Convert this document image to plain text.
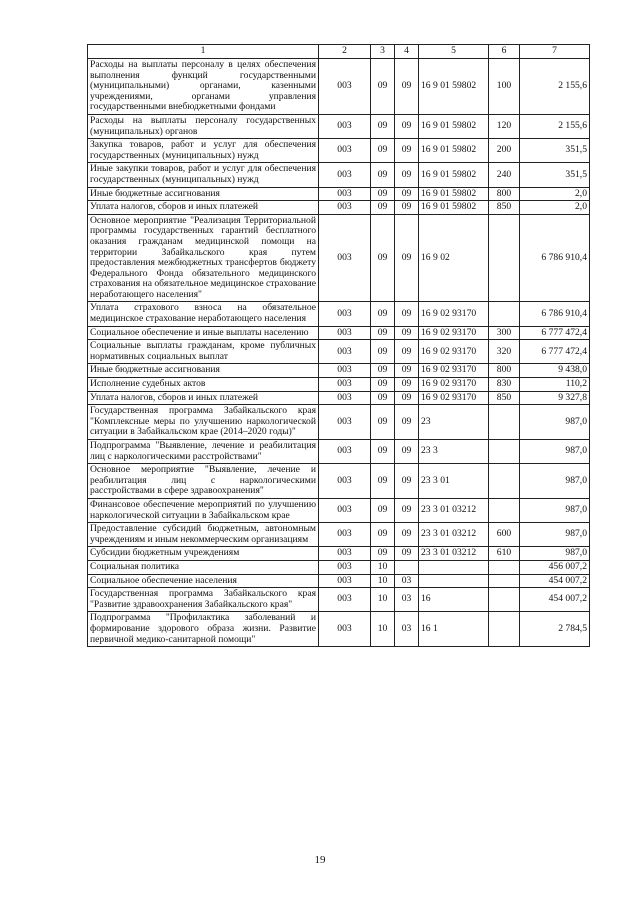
1	2	3	4	5	6	7
Расходы на выплаты персоналу в целях обеспечения выполнения функций государственными (муниципальными) органами, казенными учреждениями, органами управления государственными внебюджетными фондами	003	09	09	16 9 01 59802	100	2 155,6
Расходы на выплаты персоналу государственных (муниципальных) органов	003	09	09	16 9 01 59802	120	2 155,6
Закупка товаров, работ и услуг для обеспечения государственных (муниципальных) нужд	003	09	09	16 9 01 59802	200	351,5
Иные закупки товаров, работ и услуг для обеспечения государственных (муниципальных) нужд	003	09	09	16 9 01 59802	240	351,5
Иные бюджетные ассигнования	003	09	09	16 9 01 59802	800	2,0
Уплата налогов, сборов и иных платежей	003	09	09	16 9 01 59802	850	2,0
Основное мероприятие "Реализация Территориальной программы государственных гарантий бесплатного оказания гражданам медицинской помощи на территории Забайкальского края путем предоставления межбюджетных трансфертов бюджету Федерального Фонда обязательного медицинского страхования на обязательное медицинское страхование неработающего населения"	003	09	09	16 9 02		6 786 910,4
Уплата страхового взноса на обязательное медицинское страхование неработающего населения	003	09	09	16 9 02 93170		6 786 910,4
Социальное обеспечение и иные выплаты населению	003	09	09	16 9 02 93170	300	6 777 472,4
Социальные выплаты гражданам, кроме публичных нормативных социальных выплат	003	09	09	16 9 02 93170	320	6 777 472,4
Иные бюджетные ассигнования	003	09	09	16 9 02 93170	800	9 438,0
Исполнение судебных актов	003	09	09	16 9 02 93170	830	110,2
Уплата налогов, сборов и иных платежей	003	09	09	16 9 02 93170	850	9 327,8
Государственная программа Забайкальского края "Комплексные меры по улучшению наркологической ситуации в Забайкальском крае (2014–2020 годы)"	003	09	09	23		987,0
Подпрограмма "Выявление, лечение и реабилитация лиц с наркологическими расстройствами"	003	09	09	23 3		987,0
Основное мероприятие "Выявление, лечение и реабилитация лиц с наркологическими расстройствами в сфере здравоохранения"	003	09	09	23 3 01		987,0
Финансовое обеспечение мероприятий по улучшению наркологической ситуации в Забайкальском крае	003	09	09	23 3 01 03212		987,0
Предоставление субсидий бюджетным, автономным учреждениям и иным некоммерческим организациям	003	09	09	23 3 01 03212	600	987,0
Субсидии бюджетным учреждениям	003	09	09	23 3 01 03212	610	987,0
Социальная политика	003	10				456 007,2
Социальное обеспечение населения	003	10	03			454 007,2
Государственная программа Забайкальского края "Развитие здравоохранения Забайкальского края"	003	10	03	16		454 007,2
Подпрограмма "Профилактика заболеваний и формирование здорового образа жизни. Развитие первичной медико-санитарной помощи"	003	10	03	16 1		2 784,5
19
